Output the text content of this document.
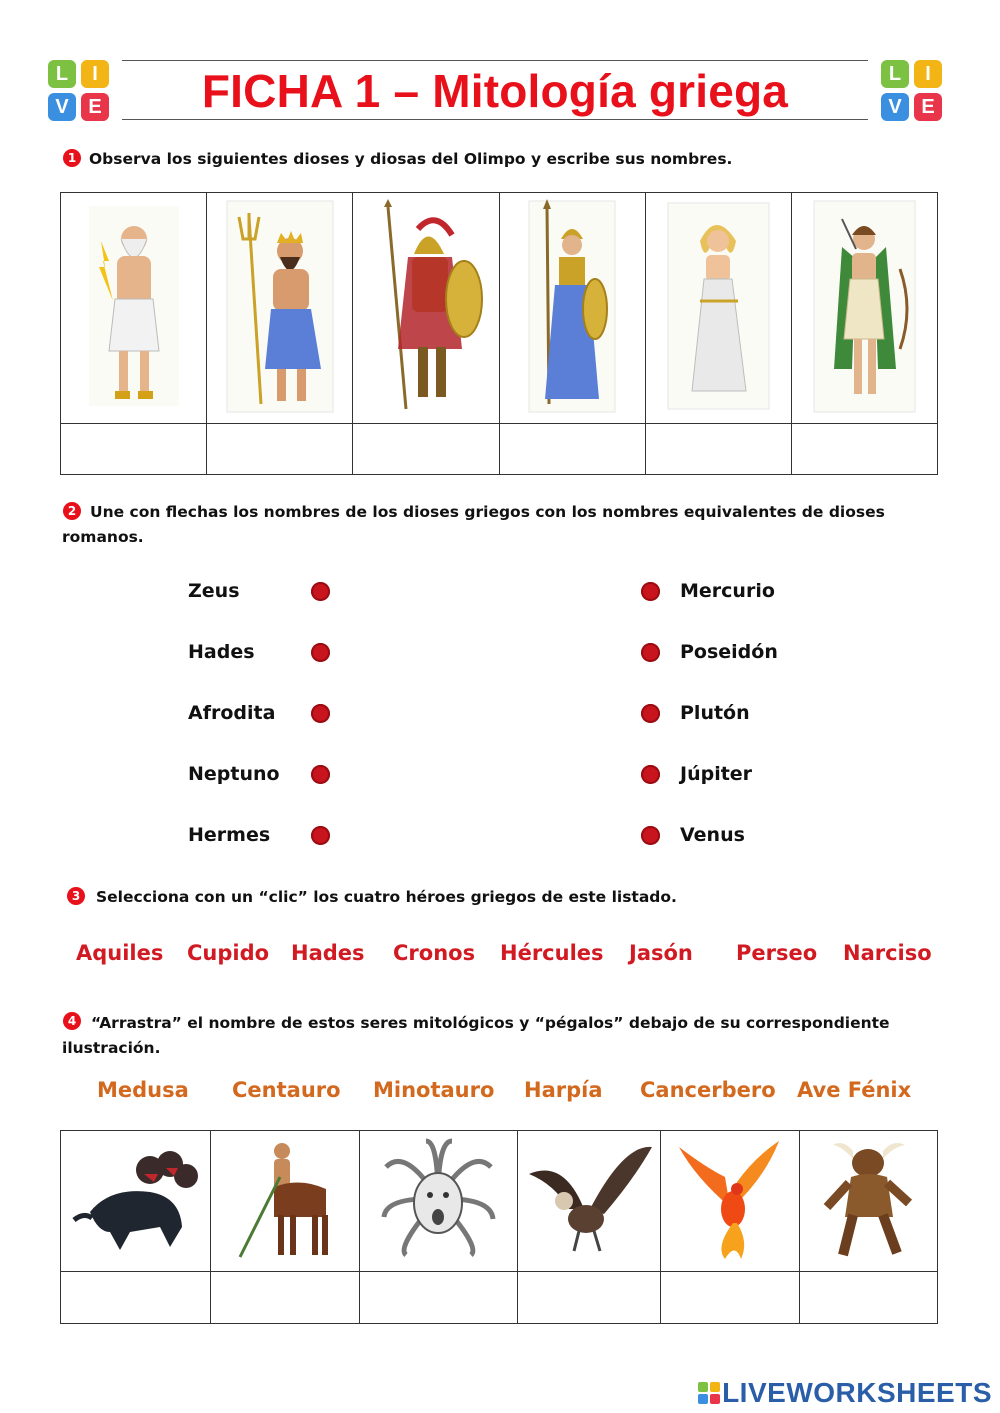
FICHA 1 – Mitología griega
L	I
V E
L	I
V E
1 Observa los siguientes dioses y diosas del Olimpo y escribe sus nombres.

2 Une con flechas los nombres de los dioses griegos con los nombres equivalentes de dioses romanos.
Zeus
Hades
Afrodita
Neptuno
Hermes
Mercurio
Poseidón
Plutón
Júpiter
Venus
3	Selecciona con un “clic” los cuatro héroes griegos de este listado.
Aquiles Cupido Hades Cronos Hércules Jasón Perseo Narciso
4 “Arrastra” el nombre de estos seres mitológicos y “pégalos” debajo de su correspondiente ilustración.
Medusa Centauro Minotauro Harpía Cancerbero Ave Fénix

LIVEWORKSHEETS
